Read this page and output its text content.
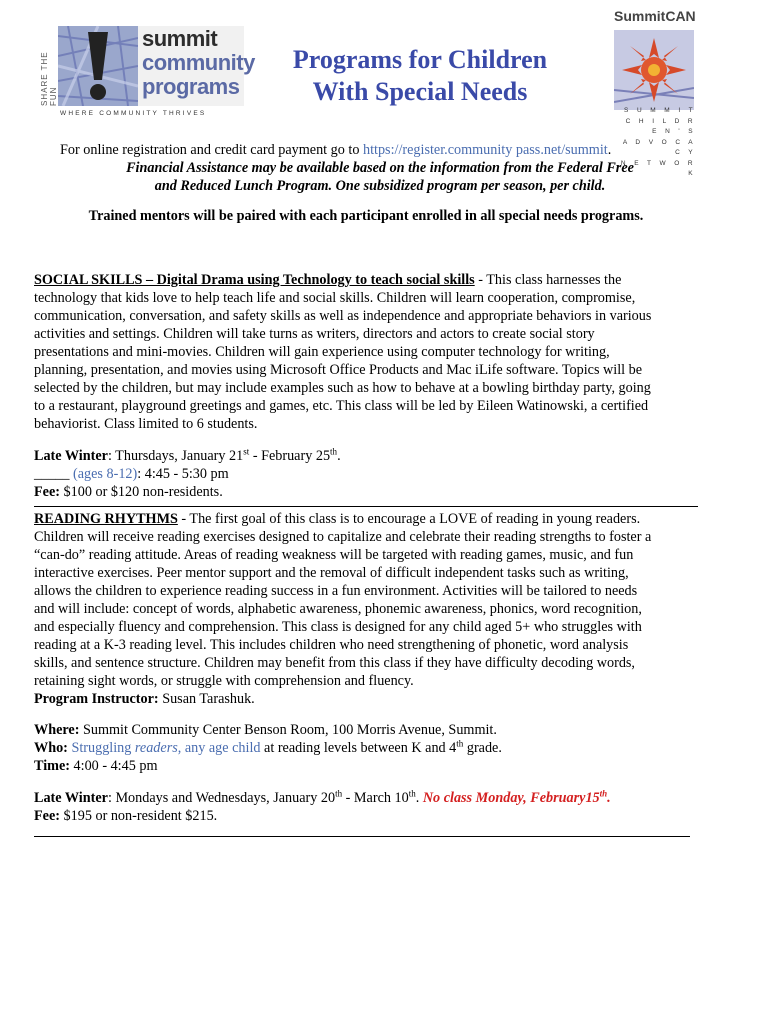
SHARE THE FUN
summit
community
programs
WHERE COMMUNITY THRIVES
Programs for Children
With Special Needs
SummitCAN
S U M M I T
C H I L D R E N ' S
A D V O C A C Y
N E T W O R K
For online registration and credit card payment go to https://register.community pass.net/summit.
Financial Assistance may be available based on the information from the Federal Free
and Reduced Lunch Program. One subsidized program per season, per child.
Trained mentors will be paired with each participant enrolled in all special needs programs.
SOCIAL SKILLS – Digital Drama using Technology to teach social skills - This class harnesses the
technology that kids love to help teach life and social skills. Children will learn cooperation, compromise,
communication, conversation, and safety skills as well as independence and appropriate behaviors in various
activities and settings. Children will take turns as writers, directors and actors to create social story
presentations and mini-movies. Children will gain experience using computer technology for writing,
planning, presentation, and movies using Microsoft Office Products and Mac iLife software. Topics will be
selected by the children, but may include examples such as how to behave at a bowling birthday party, going
to a restaurant, playground greetings and games, etc. This class will be led by Eileen Watinowski, a certified
behaviorist. Class limited to 6 students.
Late Winter: Thursdays, January 21st - February 25th.
_____ (ages 8-12): 4:45 - 5:30 pm
Fee: $100 or $120 non-residents.
READING RHYTHMS - The first goal of this class is to encourage a LOVE of reading in young readers.
Children will receive reading exercises designed to capitalize and celebrate their reading strengths to foster a
“can-do” reading attitude. Areas of reading weakness will be targeted with reading games, music, and fun
interactive exercises. Peer mentor support and the removal of difficult independent tasks such as writing,
allows the children to experience reading success in a fun environment. Activities will be tailored to needs
and will include: concept of words, alphabetic awareness, phonemic awareness, phonics, word recognition,
and especially fluency and comprehension. This class is designed for any child aged 5+ who struggles with
reading at a K-3 reading level. This includes children who need strengthening of phonetic, word analysis
skills, and sentence structure. Children may benefit from this class if they have difficulty decoding words,
retaining sight words, or struggle with comprehension and fluency.
Program Instructor: Susan Tarashuk.
Where: Summit Community Center Benson Room, 100 Morris Avenue, Summit.
Who: Struggling readers, any age child at reading levels between K and 4th grade.
Time: 4:00 - 4:45 pm
Late Winter: Mondays and Wednesdays, January 20th - March 10th. No class Monday, February15th.
Fee: $195 or non-resident $215.
